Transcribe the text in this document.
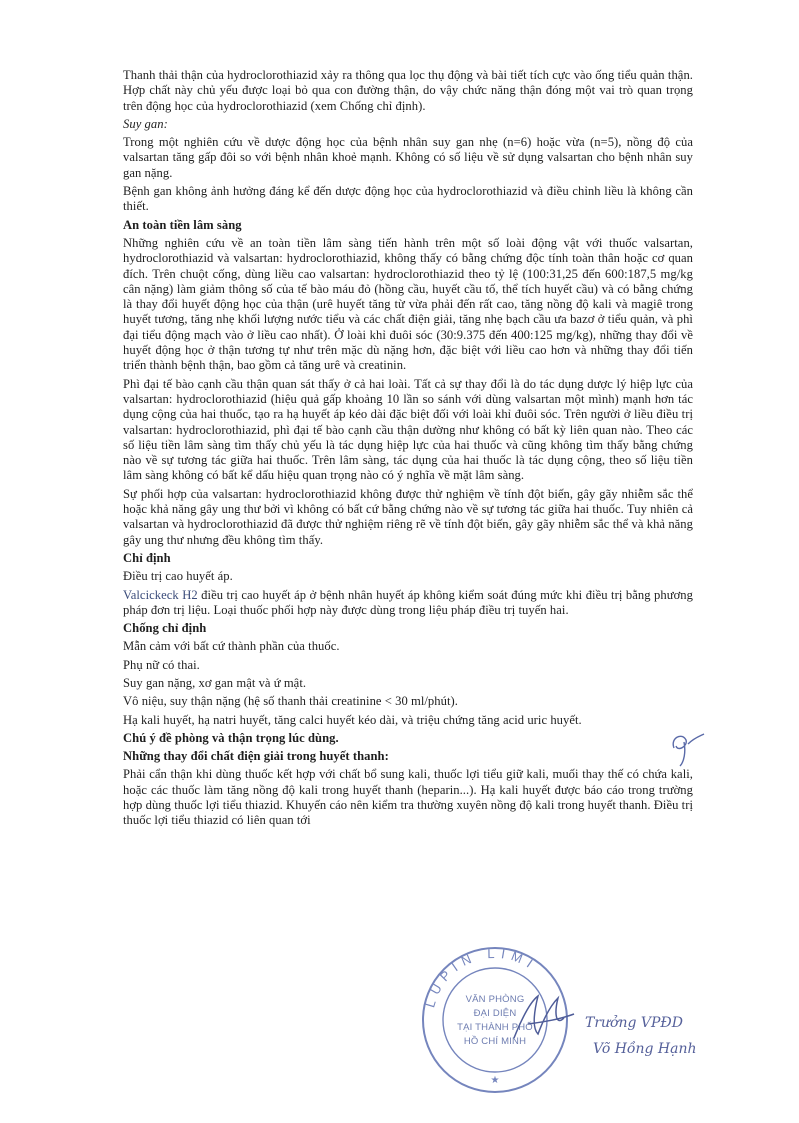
Thanh thải thận của hydroclorothiazid xảy ra thông qua lọc thụ động và bài tiết tích cực vào ống tiểu quản thận. Hợp chất này chủ yếu được loại bỏ qua con đường thận, do vậy chức năng thận đóng một vai trò quan trọng trên động học của hydroclorothiazid (xem Chống chỉ định).

Suy gan:

Trong một nghiên cứu về dược động học của bệnh nhân suy gan nhẹ (n=6) hoặc vừa (n=5), nồng độ của valsartan tăng gấp đôi so với bệnh nhân khoẻ mạnh. Không có số liệu về sử dụng valsartan cho bệnh nhân suy gan nặng.

Bệnh gan không ảnh hưởng đáng kể đến dược động học của hydroclorothiazid và điều chỉnh liều là không cần thiết.

An toàn tiền lâm sàng

Những nghiên cứu về an toàn tiền lâm sàng tiến hành trên một số loài động vật với thuốc valsartan, hydroclorothiazid và valsartan: hydroclorothiazid, không thấy có bằng chứng độc tính toàn thân hoặc cơ quan đích. Trên chuột cống, dùng liều cao valsartan: hydroclorothiazid theo tỷ lệ (100:31,25 đến 600:187,5 mg/kg cân nặng) làm giảm thông số của tế bào máu đỏ (hồng cầu, huyết cầu tố, thể tích huyết cầu) và có bằng chứng là thay đổi huyết động học của thận (urê huyết tăng từ vừa phải đến rất cao, tăng nồng độ kali và magiê trong huyết tương, tăng nhẹ khối lượng nước tiểu và các chất điện giải, tăng nhẹ bạch cầu ưa bazơ ở tiểu quản, và phì đại tiểu động mạch vào ở liều cao nhất). Ở loài khỉ đuôi sóc (30:9.375 đến 400:125 mg/kg), những thay đổi về huyết động học ở thận tương tự như trên mặc dù nặng hơn, đặc biệt với liều cao hơn và những thay đổi tiến triển thành bệnh thận, bao gồm cả tăng urê và creatinin.

Phì đại tế bào cạnh cầu thận quan sát thấy ở cả hai loài. Tất cả sự thay đổi là do tác dụng dược lý hiệp lực của valsartan: hydroclorothiazid (hiệu quả gấp khoảng 10 lần so sánh với dùng valsartan một mình) mạnh hơn tác dụng cộng của hai thuốc, tạo ra hạ huyết áp kéo dài đặc biệt đối với loài khỉ đuôi sóc. Trên người ở liều điều trị valsartan: hydroclorothiazid, phì đại tế bào cạnh cầu thận dường như không có bất kỳ liên quan nào. Theo các số liệu tiền lâm sàng tìm thấy chủ yếu là tác dụng hiệp lực của hai thuốc và cũng không tìm thấy bằng chứng nào về sự tương tác giữa hai thuốc. Trên lâm sàng, tác dụng của hai thuốc là tác dụng cộng, theo số liệu tiền lâm sàng không có bất kể dấu hiệu quan trọng nào có ý nghĩa về mặt lâm sàng.

Sự phối hợp của valsartan: hydroclorothiazid không được thử nghiệm về tính đột biến, gây gãy nhiễm sắc thể hoặc khả năng gây ung thư bởi vì không có bất cứ bằng chứng nào về sự tương tác giữa hai thuốc. Tuy nhiên cả valsartan và hydroclorothiazid đã được thử nghiệm riêng rẽ về tính đột biến, gây gãy nhiễm sắc thể và khả năng gây ung thư nhưng đều không tìm thấy.

Chỉ định

Điều trị cao huyết áp.

Valcickeck H2 điều trị cao huyết áp ở bệnh nhân huyết áp không kiểm soát đúng mức khi điều trị bằng phương pháp đơn trị liệu. Loại thuốc phối hợp này được dùng trong liệu pháp điều trị tuyến hai.

Chống chỉ định

Mẫn cảm với bất cứ thành phần của thuốc.

Phụ nữ có thai.

Suy gan nặng, xơ gan mật và ứ mật.

Vô niệu, suy thận nặng (hệ số thanh thải creatinine < 30 ml/phút).

Hạ kali huyết, hạ natri huyết, tăng calci huyết kéo dài, và triệu chứng tăng acid uric huyết.

Chú ý đề phòng và thận trọng lúc dùng.

Những thay đổi chất điện giải trong huyết thanh:

Phải cẩn thận khi dùng thuốc kết hợp với chất bổ sung kali, thuốc lợi tiểu giữ kali, muối thay thế có chứa kali, hoặc các thuốc làm tăng nồng độ kali trong huyết thanh (heparin...). Hạ kali huyết được báo cáo trong trường hợp dùng thuốc lợi tiểu thiazid. Khuyến cáo nên kiểm tra thường xuyên nồng độ kali trong huyết thanh. Điều trị thuốc lợi tiểu thiazid có liên quan tới

LUPIN LIMI
★
VĂN PHÒNG
ĐẠI DIỆN
TẠI THÀNH PHỐ
HỒ CHÍ MINH
Trưởng VPĐD
Võ Hồng Hạnh
